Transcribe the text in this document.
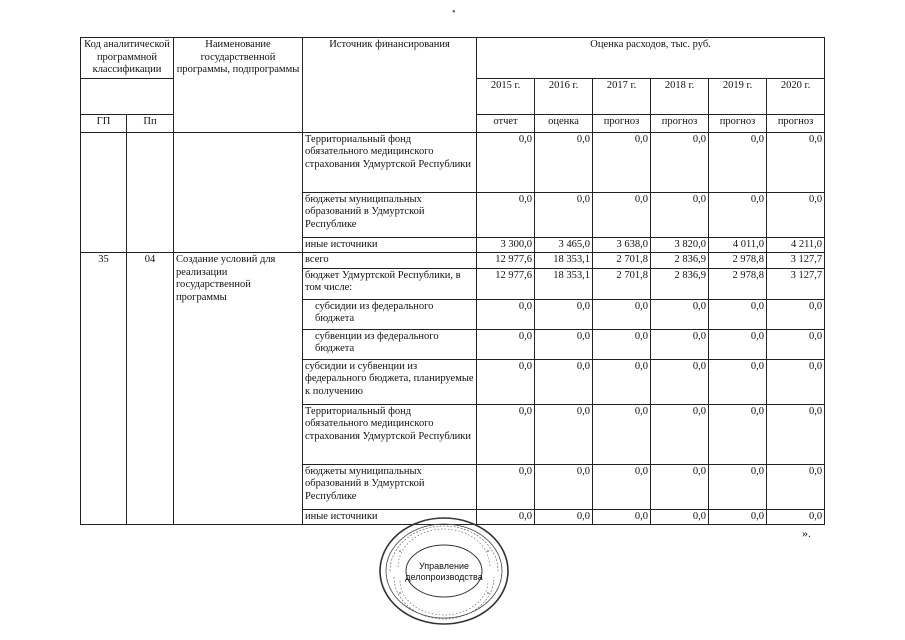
•
Код аналитической программной классификации		Наименование государственной программы, подпрограммы	Источник финансирования	Оценка расходов, тыс. руб.					
				2015 г.	2016 г.	2017 г.	2018 г.	2019 г.	2020 г.
ГП	Пп			отчет	оценка	прогноз	прогноз	прогноз	прогноз
			Территориальный фонд обязательного медицинского страхования Удмуртской Республики	0,0	0,0	0,0	0,0	0,0	0,0
			бюджеты муниципальных образований в Удмуртской Республике	0,0	0,0	0,0	0,0	0,0	0,0
			иные источники	3 300,0	3 465,0	3 638,0	3 820,0	4 011,0	4 211,0
35	04	Создание условий для реализации государственной программы	всего	12 977,6	18 353,1	2 701,8	2 836,9	2 978,8	3 127,7
			бюджет Удмуртской Республики, в том числе:	12 977,6	18 353,1	2 701,8	2 836,9	2 978,8	3 127,7
			субсидии из федерального бюджета	0,0	0,0	0,0	0,0	0,0	0,0
			субвенции из федерального бюджета	0,0	0,0	0,0	0,0	0,0	0,0
			субсидии и субвенции из федерального бюджета, планируемые к получению	0,0	0,0	0,0	0,0	0,0	0,0
			Территориальный фонд обязательного медицинского страхования Удмуртской Республики	0,0	0,0	0,0	0,0	0,0	0,0
			бюджеты муниципальных образований в Удмуртской Республике	0,0	0,0	0,0	0,0	0,0	0,0
			иные источники	0,0	0,0	0,0	0,0	0,0	0,0
».
Управление
делопроизводства
